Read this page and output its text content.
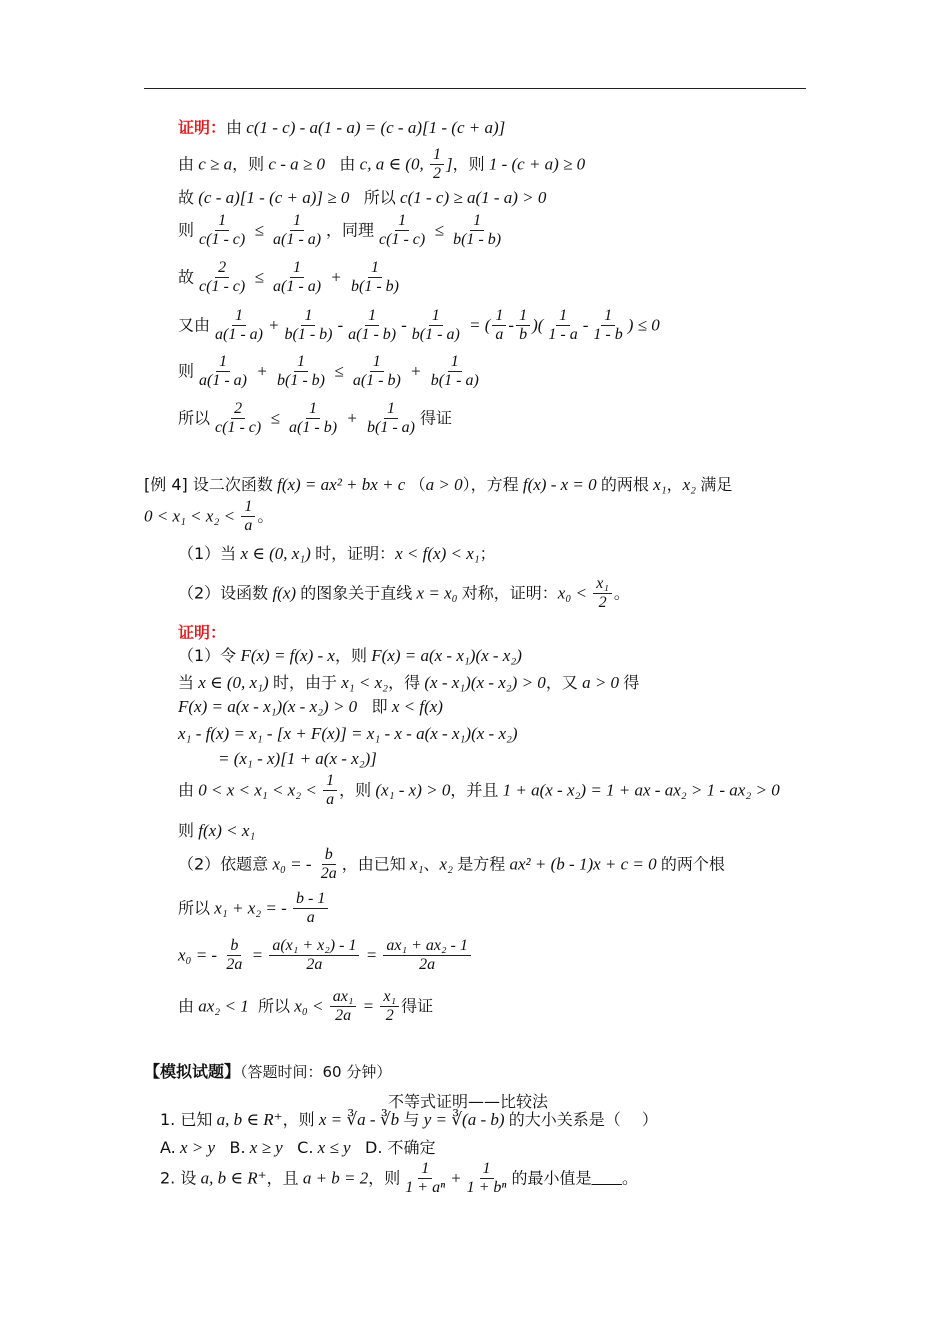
证明：由 c(1 - c) - a(1 - a) = (c - a)[1 - (c + a)]
由 c ≥ a，则 c - a ≥ 0   由 c, a ∈ (0, $\frac{1}{2}$ ]，则 1 - (c + a) ≥ 0
故 (c - a)[1 - (c + a)] ≥ 0   所以 c(1 - c) ≥ a(1 - a) > 0
则 $\frac{1}{c(1 - c)} \le \frac{1}{a(1 - a)}$ ，同理 $\frac{1}{c(1 - c)} \le \frac{1}{b(1 - b)}$
故 $\frac{2}{c(1 - c)} \le \frac{1}{a(1 - a)} + \frac{1}{b(1 - b)}$
又由 $\frac{1}{a(1 - a)} + \frac{1}{b(1 - b)} - \frac{1}{a(1 - b)} - \frac{1}{b(1 - a)}$ = ( $\frac{1}{a} - \frac{1}{b}$ )( $\frac{1}{1 - a} - \frac{1}{1 - b}$ ) ≤ 0
则 $\frac{1}{a(1 - a)} + \frac{1}{b(1 - b)} \le \frac{1}{a(1 - b)} + \frac{1}{b(1 - a)}$
所以 $\frac{2}{c(1 - c)} \le \frac{1}{a(1 - b)} + \frac{1}{b(1 - a)}$ 得证
[例 4] 设二次函数 f(x) = ax² + bx + c （a > 0），方程 f(x) - x = 0 的两根 x₁，x₂ 满足
$0 < x_1 < x_2 < \frac{1}{a}$ 。
（1）当 x ∈ (0, x₁) 时，证明：x < f(x) < x₁；
（2）设函数 f(x) 的图象关于直线 x = x₀ 对称，证明：$x_0 < \frac{\text{x₁}}{2}$ 。
证明：
（1）令 F(x) = f(x) - x，则 F(x) = a(x - x₁)(x - x₂)
当 x ∈ (0, x₁) 时，由于 x₁ < x₂，得 (x - x₁)(x - x₂) > 0，又 a > 0 得
F(x) = a(x - x₁)(x - x₂) > 0   即 x < f(x)
x₁ - f(x) = x₁ - [x + F(x)] = x₁ - x - a(x - x₁)(x - x₂)
= (x₁ - x)[1 + a(x - x₂)]
由 $0 < x < x_1 < x_2 < \frac{1}{a}$ ，则 (x₁ - x) > 0，并且 1 + a(x - x₂) = 1 + ax - ax₂ > 1 - ax₂ > 0
则 f(x) < x₁
（2）依题意 x₀ = - $\frac{b}{2a}$ ，由已知 x₁、x₂ 是方程 ax² + (b - 1)x + c = 0 的两个根
所以 x₁ + x₂ = - $\frac{b - 1}{a}$
x₀ = - $\frac{b}{2a} = \frac{\text{a(x₁ + x₂) - 1}}{2a} = \frac{\text{ax₁ + ax₂ - 1}}{2a}$
由 ax₂ < 1  所以 $x_0 < \frac{\text{ax₁}}{2a} = \frac{\text{x₁}}{2}$ 得证
【模拟试题】（答题时间：60 分钟）
不等式证明——比较法
1. 已知 a, b ∈ R⁺，则 x = ∛a - ∛b 与 y = ∛(a - b) 的大小关系是（　 ）
A. x > y   B. x ≥ y   C. x ≤ y   D. 不确定
2. 设 a, b ∈ R⁺，且 a + b = 2，则 $\frac{1}{\text{1 + aⁿ}} + \frac{1}{\text{1 + bⁿ}}$ 的最小值是 。
